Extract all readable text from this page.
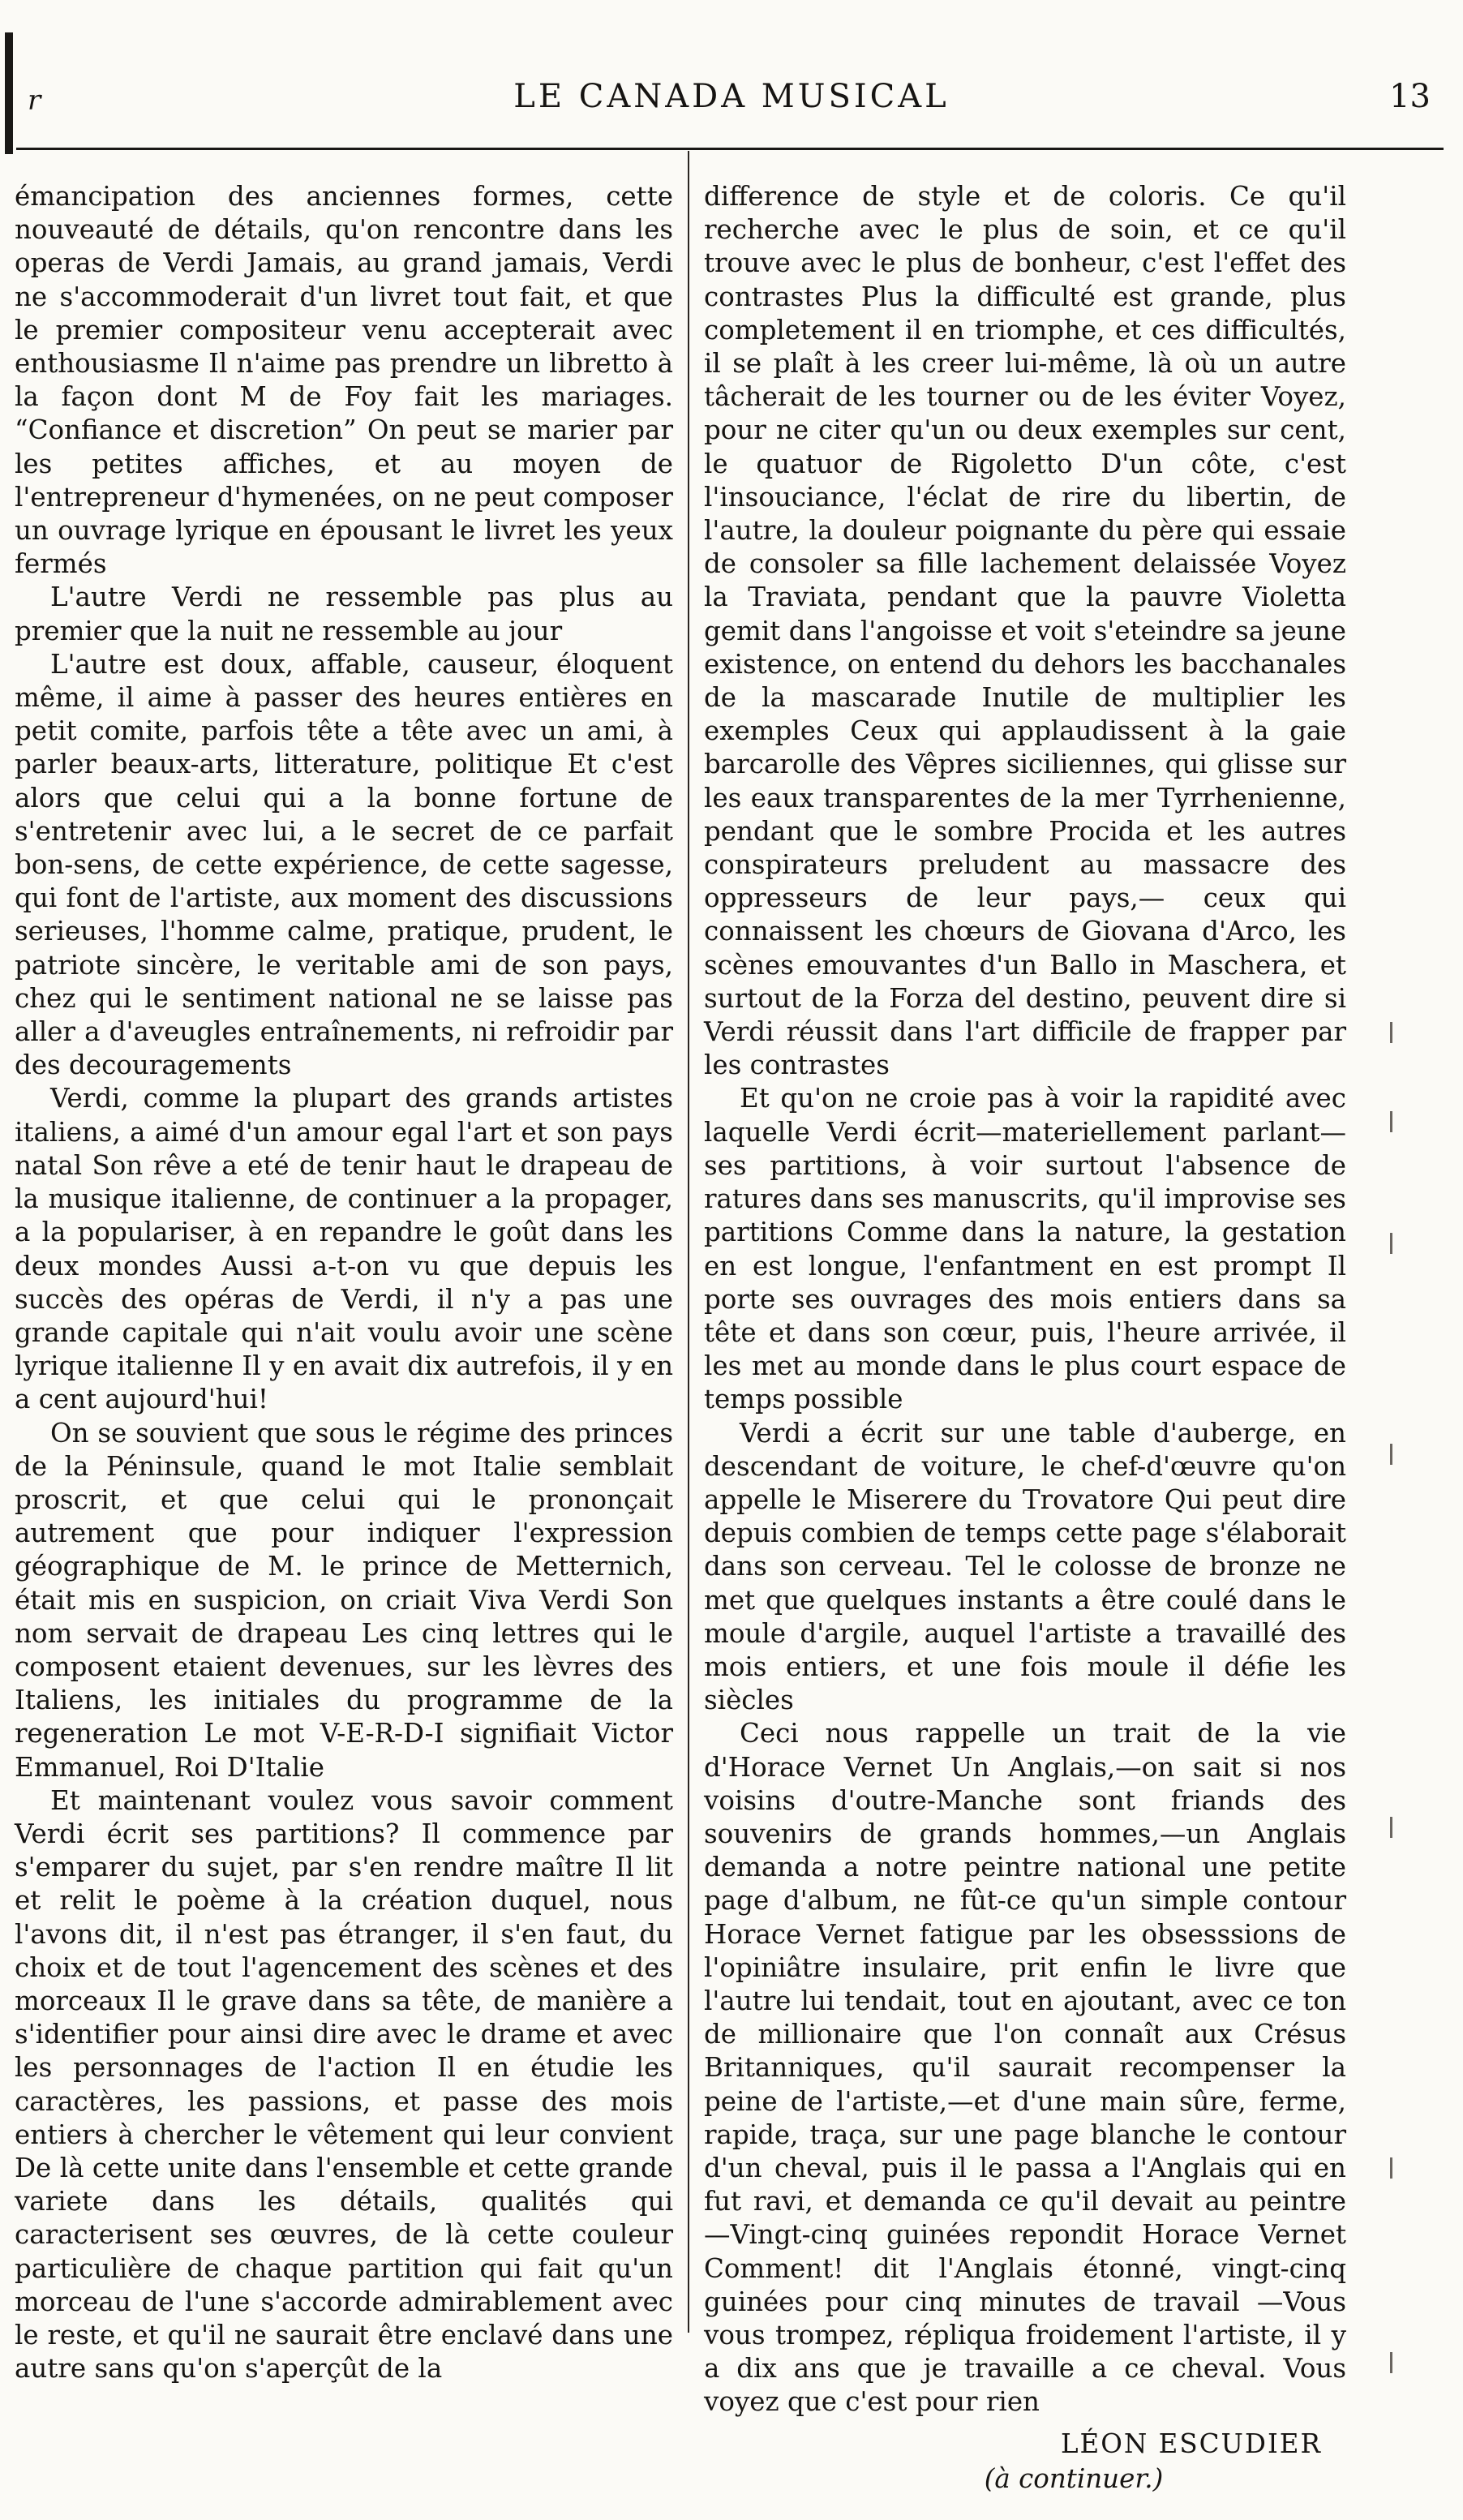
r	LE CANADA MUSICAL	13

émancipation des anciennes formes, cette nouveauté de détails, qu'on rencontre dans les operas de Verdi Jamais, au grand jamais, Verdi ne s'accommoderait d'un livret tout fait, et que le premier compositeur venu accepterait avec enthousiasme Il n'aime pas prendre un libretto à la façon dont M de Foy fait les mariages. “Confiance et discretion” On peut se marier par les petites affiches, et au moyen de l'entrepreneur d'hymenées, on ne peut composer un ouvrage lyrique en épousant le livret les yeux fermés

L'autre Verdi ne ressemble pas plus au premier que la nuit ne ressemble au jour

L'autre est doux, affable, causeur, éloquent même, il aime à passer des heures entières en petit comite, parfois tête a tête avec un ami, à parler beaux-arts, litterature, politique Et c'est alors que celui qui a la bonne fortune de s'entretenir avec lui, a le secret de ce parfait bon-sens, de cette expérience, de cette sagesse, qui font de l'artiste, aux moment des discussions serieuses, l'homme calme, pratique, prudent, le patriote sincère, le veritable ami de son pays, chez qui le sentiment national ne se laisse pas aller a d'aveugles entraînements, ni refroidir par des decouragements

Verdi, comme la plupart des grands artistes italiens, a aimé d'un amour egal l'art et son pays natal Son rêve a eté de tenir haut le drapeau de la musique italienne, de continuer a la propager, a la populariser, à en repandre le goût dans les deux mondes Aussi a-t-on vu que depuis les succès des opéras de Verdi, il n'y a pas une grande capitale qui n'ait voulu avoir une scène lyrique italienne Il y en avait dix autrefois, il y en a cent aujourd'hui!

On se souvient que sous le régime des princes de la Péninsule, quand le mot Italie semblait proscrit, et que celui qui le prononçait autrement que pour indiquer l'expression géographique de M. le prince de Metternich, était mis en suspicion, on criait Viva Verdi Son nom servait de drapeau Les cinq lettres qui le composent etaient devenues, sur les lèvres des Italiens, les initiales du programme de la regeneration Le mot V-E-R-D-I signifiait Victor Emmanuel, Roi D'Italie

Et maintenant voulez vous savoir comment Verdi écrit ses partitions? Il commence par s'emparer du sujet, par s'en rendre maître Il lit et relit le poème à la création duquel, nous l'avons dit, il n'est pas étranger, il s'en faut, du choix et de tout l'agencement des scènes et des morceaux Il le grave dans sa tête, de manière a s'identifier pour ainsi dire avec le drame et avec les personnages de l'action Il en étudie les caractères, les passions, et passe des mois entiers à chercher le vêtement qui leur convient De là cette unite dans l'ensemble et cette grande variete dans les détails, qualités qui caracterisent ses œuvres, de là cette couleur particulière de chaque partition qui fait qu'un morceau de l'une s'accorde admirablement avec le reste, et qu'il ne saurait être enclavé dans une autre sans qu'on s'aperçût de la

difference de style et de coloris. Ce qu'il recherche avec le plus de soin, et ce qu'il trouve avec le plus de bonheur, c'est l'effet des contrastes Plus la difficulté est grande, plus completement il en triomphe, et ces difficultés, il se plaît à les creer lui-même, là où un autre tâcherait de les tourner ou de les éviter Voyez, pour ne citer qu'un ou deux exemples sur cent, le quatuor de Rigoletto D'un côte, c'est l'insouciance, l'éclat de rire du libertin, de l'autre, la douleur poignante du père qui essaie de consoler sa fille lachement delaissée Voyez la Traviata, pendant que la pauvre Violetta gemit dans l'angoisse et voit s'eteindre sa jeune existence, on entend du dehors les bacchanales de la mascarade Inutile de multiplier les exemples Ceux qui applaudissent à la gaie barcarolle des Vêpres siciliennes, qui glisse sur les eaux transparentes de la mer Tyrrhenienne, pendant que le sombre Procida et les autres conspirateurs preludent au massacre des oppresseurs de leur pays,— ceux qui connaissent les chœurs de Giovana d'Arco, les scènes emouvantes d'un Ballo in Maschera, et surtout de la Forza del destino, peuvent dire si Verdi réussit dans l'art difficile de frapper par les contrastes

Et qu'on ne croie pas à voir la rapidité avec laquelle Verdi écrit—materiellement parlant—ses partitions, à voir surtout l'absence de ratures dans ses manuscrits, qu'il improvise ses partitions Comme dans la nature, la gestation en est longue, l'enfantment en est prompt Il porte ses ouvrages des mois entiers dans sa tête et dans son cœur, puis, l'heure arrivée, il les met au monde dans le plus court espace de temps possible

Verdi a écrit sur une table d'auberge, en descendant de voiture, le chef-d'œuvre qu'on appelle le Miserere du Trovatore Qui peut dire depuis combien de temps cette page s'élaborait dans son cerveau. Tel le colosse de bronze ne met que quelques instants a être coulé dans le moule d'argile, auquel l'artiste a travaillé des mois entiers, et une fois moule il défie les siècles

Ceci nous rappelle un trait de la vie d'Horace Vernet Un Anglais,—on sait si nos voisins d'outre-Manche sont friands des souvenirs de grands hommes,—un Anglais demanda a notre peintre national une petite page d'album, ne fût-ce qu'un simple contour Horace Vernet fatigue par les obsesssions de l'opiniâtre insulaire, prit enfin le livre que l'autre lui tendait, tout en ajoutant, avec ce ton de millionaire que l'on connaît aux Crésus Britanniques, qu'il saurait recompenser la peine de l'artiste,—et d'une main sûre, ferme, rapide, traça, sur une page blanche le contour d'un cheval, puis il le passa a l'Anglais qui en fut ravi, et demanda ce qu'il devait au peintre —Vingt-cinq guinées repondit Horace Vernet Comment! dit l'Anglais étonné, vingt-cinq guinées pour cinq minutes de travail —Vous vous trompez, répliqua froidement l'artiste, il y a dix ans que je travaille a ce cheval. Vous voyez que c'est pour rien

LÉON ESCUDIER
(à continuer.)
